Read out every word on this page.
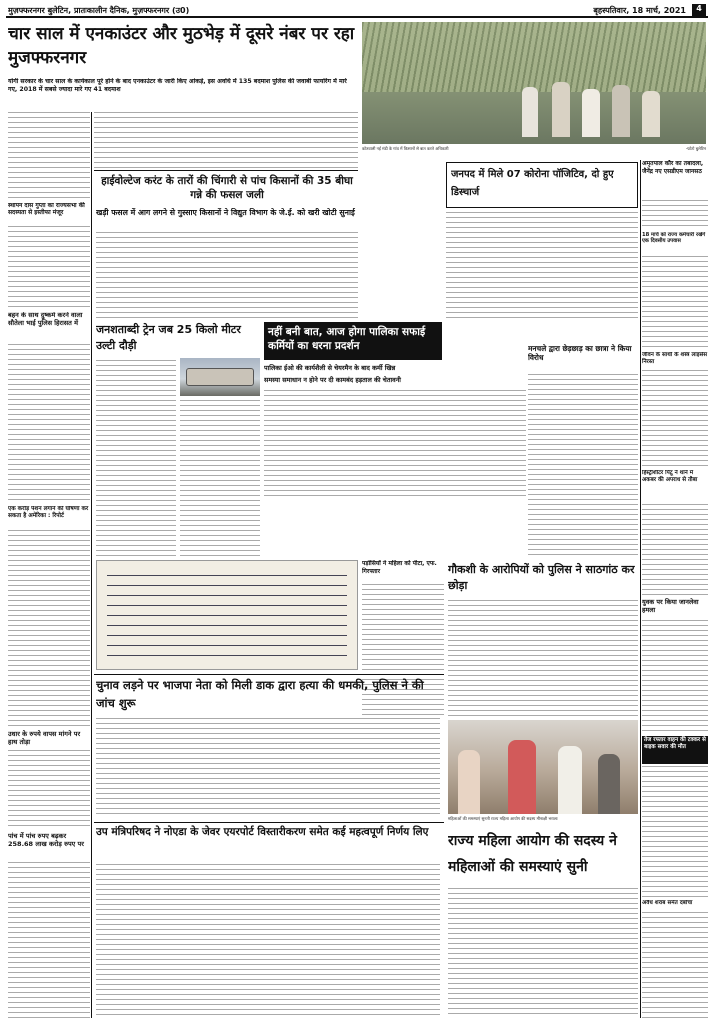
मुज़फ्फरनगर बुलेटिन, प्रातःकालीन दैनिक, मुज़फ्फरनगर (उ0)	बृहस्पतिवार, 18 मार्च, 2021	4
चार साल में एनकाउंटर और मुठभेड़ में दूसरे नंबर पर रहा मुजफ्फरनगर
योगी सरकार के चार साल के कार्यकाल पूरे होने के बाद एनकाउंटर के जारी किए आंकड़े, इस अवधि में 135 बदमाश पुलिस की जवाबी फायरिंग में मारे गए, 2018 में सबसे ज्यादा मारे गए 41 बदमाश
कोतवाली नई मंडी के गांव में किसानों से बात करते अधिकारी	-फोटो बुलेटिन
स्थापन दास गुप्ता का राज्यसभा की सदस्यता से इस्तीफा मंजूर
बहन के साथ दुष्कर्म करने वाला सौतेला भाई पुलिस हिरासत में
एक करोड़ पेंशन लगाने की घोषणा कर सकता है अमेरिका : रिपोर्ट
उधार के रुपये वापस मांगने पर हाथ तोड़ा
पांच में पांच रुपए बढ़कर 258.68 लाख करोड़ रुपए पर
हाईवोल्टेज करंट के तारों की चिंगारी से पांच किसानों की 35 बीघा गन्ने की फसल जली
खड़ी फसल में आग लगने से गुस्साए किसानों ने विद्युत विभाग के जे.ई. को खरी खोटी सुनाई
जनशताब्दी ट्रेन जब 25 किलो मीटर उल्टी दौड़ी
नहीं बनी बात, आज होगा पालिका सफाई कर्मियों का धरना प्रदर्शन
पालिका ईओ की कार्यशैली से चेयरमैन के बाद कर्मी खिन्न
समस्या समाधान न होने पर दी कामबंद हड़ताल की चेतावनी
जनपद में मिले 07 कोरोना पॉजिटिव, दो हुए डिस्चार्ज
मनचले द्वारा छेड़छाड़ का छात्रा ने किया विरोध
पड़ोसियों ने महिला को पीटा, एफ. गिरफ्तार	गौकशी के आरोपियों को पुलिस ने साठगांठ कर छोड़ा
अमृतपाल कौर का तबादला, जैनेंद्र नए एसडीएम जानसठ
18 मार्च को राज्य कर्मचारी रखेंगे एक दिवसीय उपवास
जीवन के साथी के शस्त्र लाइसेंस निरस्त
हिस्ट्रीशीटर पिंटू ने थाने में अकबर की अपराध से तौबा
युवक पर किया जानलेवा हमला
तेज रफ्तार वाहन की टक्कर से बाइक सवार की मौत
अवैध शराब समेत दबोचा
चुनाव लड़ने पर भाजपा नेता को मिली डाक द्वारा हत्या की धमकी, पुलिस ने की जांच शुरू
महिलाओं की समस्याएं सुनती राज्य महिला आयोग की सदस्य मीनाक्षी भराला
उप मंत्रिपरिषद ने नोएडा के जेवर एयरपोर्ट विस्तारीकरण समेत कई महत्वपूर्ण निर्णय लिए
राज्य महिला आयोग की सदस्य ने महिलाओं की समस्याएं सुनी
